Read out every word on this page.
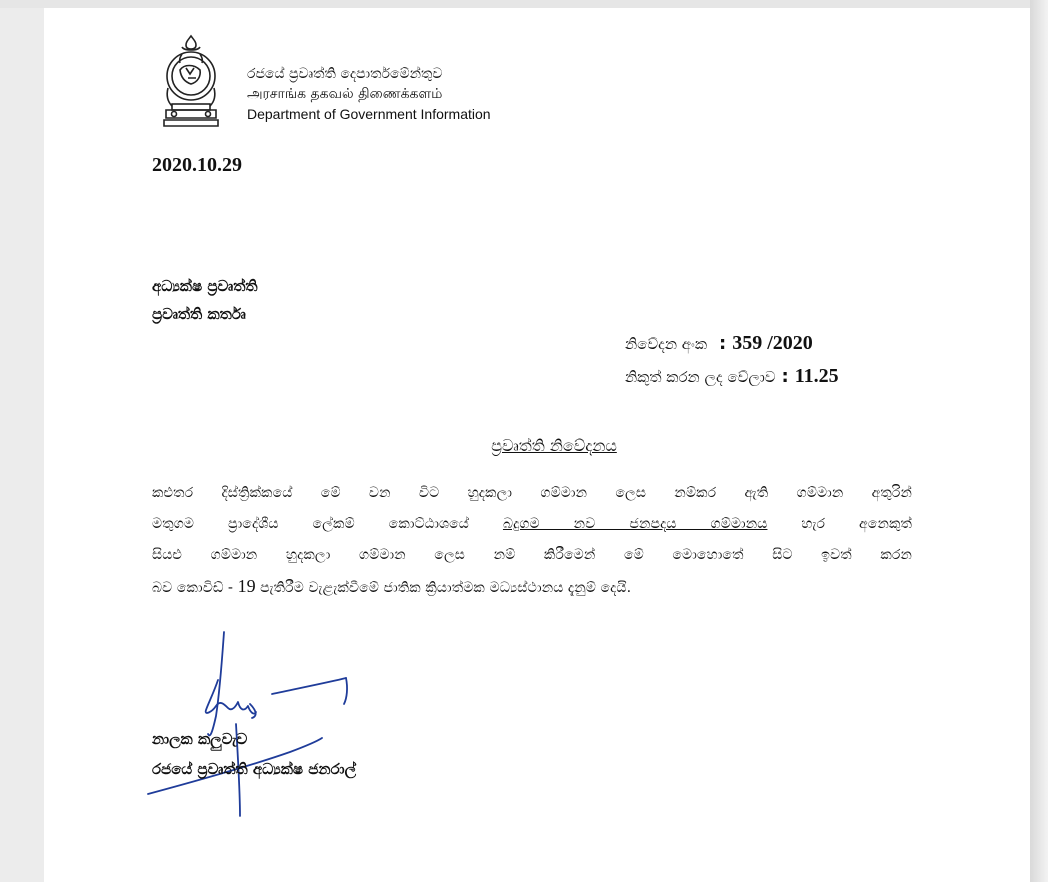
රජයේ ප්‍රවෘත්ති දෙපාර්තමේන්තුව
அரசாங்க தகவல் திணைக்களம்
Department of Government Information
2020.10.29
අධ්‍යක්ෂ ප්‍රවෘත්ති
ප්‍රවෘත්ති කර්තෘ
නිවේදන අංක : 359 /2020
නිකුත් කරන ලද වේලාව : 11.25
ප්‍රවෘත්ති නිවේදනය
කළුතර දිස්ත්‍රික්කයේ මේ වන විට හුදකලා ගම්මාන ලෙස නම්කර ඇති ගම්මාන අතුරින්
මතුගම ප්‍රාදේශීය ලේකම් කොට්ඨාශයේ බදුගම නව ජනපදය ගම්මානය හැර අනෙකුත්
සියළු ගම්මාන හුදකලා ගම්මාන ලෙස නම් කිරීමෙන් මේ මොහොතේ සිට ඉවත් කරන
බව කොවිඩ් - 19 පැතිරීම වැළැක්වීමේ ජාතික ක්‍රියාත්මක මධ්‍යස්ථානය දැනුම් දෙයි.
නාලක කලුවැව
රජයේ ප්‍රවෘත්ති අධ්‍යක්ෂ ජනරාල්
